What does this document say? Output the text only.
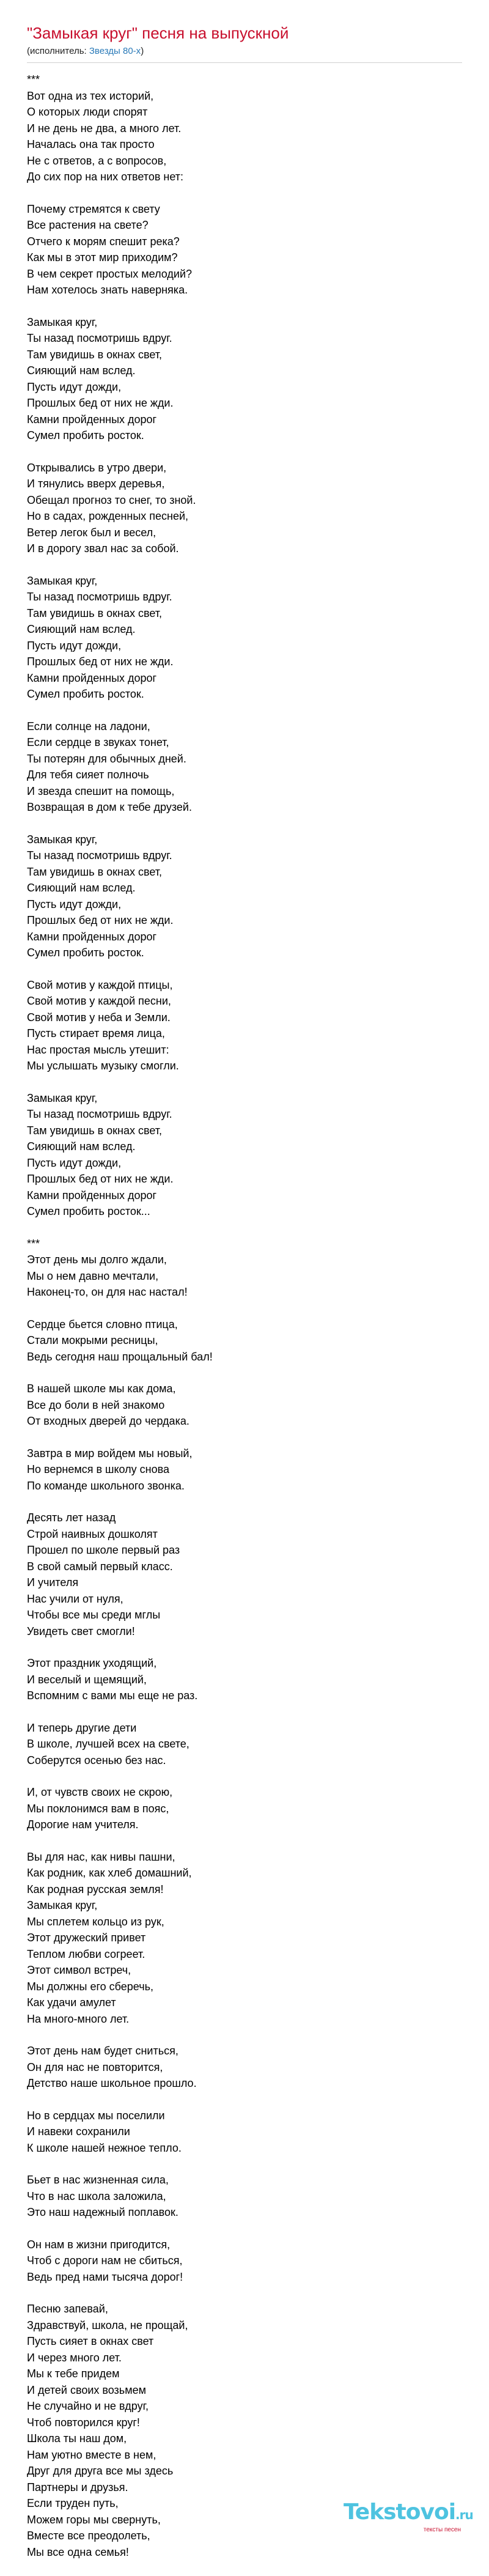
"Замыкая круг" песня на выпускной
(исполнитель: Звезды 80-х)
***
Вот одна из тех историй,
О которых люди спорят
И не день не два, а много лет.
Началась она так просто
Не с ответов, а с вопросов,
До сих пор на них ответов нет:
Почему стремятся к свету
Все растения на свете?
Отчего к морям спешит река?
Как мы в этот мир приходим?
В чем секрет простых мелодий?
Нам хотелось знать наверняка.
Замыкая круг,
Ты назад посмотришь вдруг.
Там увидишь в окнах свет,
Сияющий нам вслед.
Пусть идут дожди,
Прошлых бед от них не жди.
Камни пройденных дорог
Сумел пробить росток.
Открывались в утро двери,
И тянулись вверх деревья,
Обещал прогноз то снег, то зной.
Но в садах, рожденных песней,
Ветер легок был и весел,
И в дорогу звал нас за собой.
Замыкая круг,
Ты назад посмотришь вдруг.
Там увидишь в окнах свет,
Сияющий нам вслед.
Пусть идут дожди,
Прошлых бед от них не жди.
Камни пройденных дорог
Сумел пробить росток.
Если солнце на ладони,
Если сердце в звуках тонет,
Ты потерян для обычных дней.
Для тебя сияет полночь
И звезда спешит на помощь,
Возвращая в дом к тебе друзей.
Замыкая круг,
Ты назад посмотришь вдруг.
Там увидишь в окнах свет,
Сияющий нам вслед.
Пусть идут дожди,
Прошлых бед от них не жди.
Камни пройденных дорог
Сумел пробить росток.
Свой мотив у каждой птицы,
Свой мотив у каждой песни,
Свой мотив у неба и Земли.
Пусть стирает время лица,
Нас простая мысль утешит:
Мы услышать музыку смогли.
Замыкая круг,
Ты назад посмотришь вдруг.
Там увидишь в окнах свет,
Сияющий нам вслед.
Пусть идут дожди,
Прошлых бед от них не жди.
Камни пройденных дорог
Сумел пробить росток...
***
Этот день мы долго ждали,
Мы о нем давно мечтали,
Наконец-то, он для нас настал!
Сердце бьется словно птица,
Стали мокрыми ресницы,
Ведь сегодня наш прощальный бал!
В нашей школе мы как дома,
Все до боли в ней знакомо
От входных дверей до чердака.
Завтра в мир войдем мы новый,
Но вернемся в школу снова
По команде школьного звонка.
Десять лет назад
Строй наивных дошколят
Прошел по школе первый раз
В свой самый первый класс.
И учителя
Нас учили от нуля,
Чтобы все мы среди мглы
Увидеть свет смогли!
Этот праздник уходящий,
И веселый и щемящий,
Вспомним с вами мы еще не раз.
И теперь другие дети
В школе, лучшей всех на свете,
Соберутся осенью без нас.
И, от чувств своих не скрою,
Мы поклонимся вам в пояс,
Дорогие нам учителя.
Вы для нас, как нивы пашни,
Как родник, как хлеб домашний,
Как родная русская земля!
Замыкая круг,
Мы сплетем кольцо из рук,
Этот дружеский привет
Теплом любви согреет.
Этот символ встреч,
Мы должны его сберечь,
Как удачи амулет
На много-много лет.
Этот день нам будет сниться,
Он для нас не повторится,
Детство наше школьное прошло.
Но в сердцах мы поселили
И навеки сохранили
К школе нашей нежное тепло.
Бьет в нас жизненная сила,
Что в нас школа заложила,
Это наш надежный поплавок.
Он нам в жизни пригодится,
Чтоб с дороги нам не сбиться,
Ведь пред нами тысяча дорог!
Песню запевай,
Здравствуй, школа, не прощай,
Пусть сияет в окнах свет
И через много лет.
Мы к тебе придем
И детей своих возьмем
Не случайно и не вдруг,
Чтоб повторился круг!
Школа ты наш дом,
Нам уютно вместе в нем,
Друг для друга все мы здесь
Партнеры и друзья.
Если труден путь,
Можем горы мы свернуть,
Вместе все преодолеть,
Мы все одна семья!
Tekstovoi.ru
тексты песен
